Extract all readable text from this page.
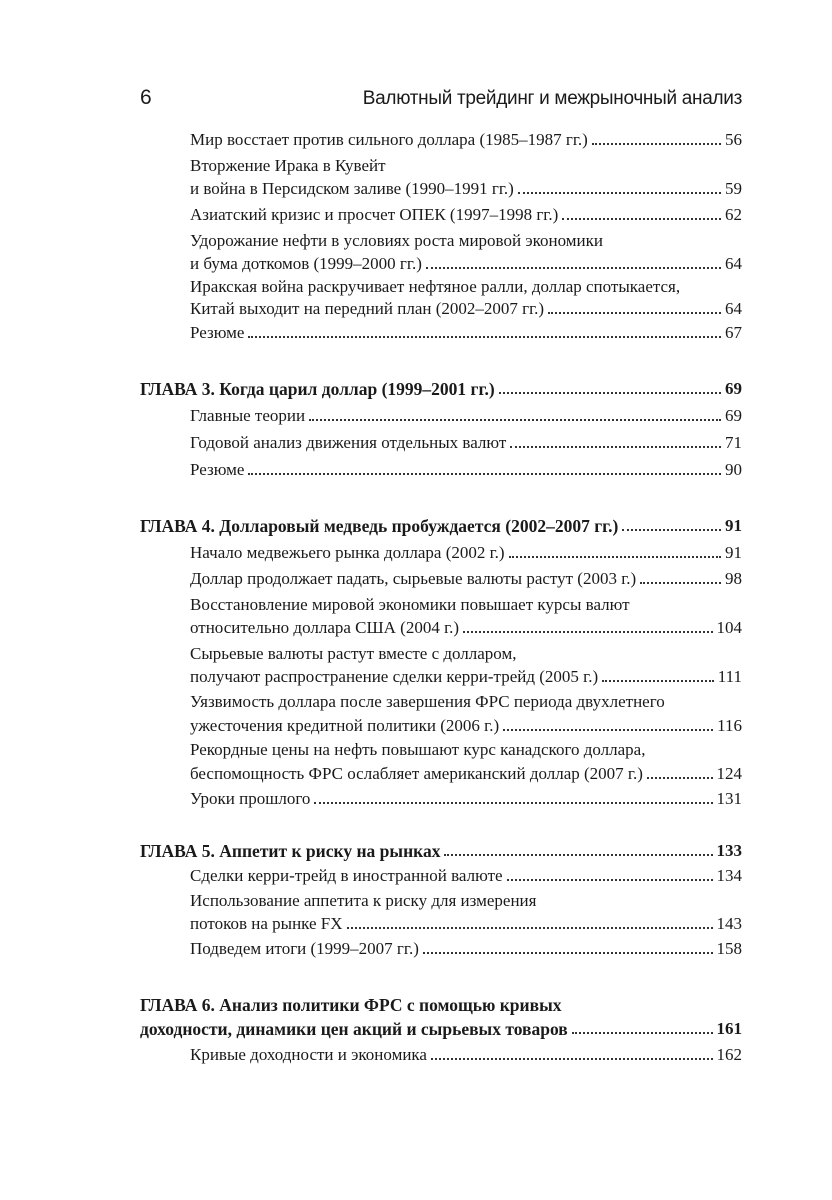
6	Валютный трейдинг и межрыночный анализ
Мир восстает против сильного доллара (1985–1987 гг.)	56
Вторжение Ирака в Кувейт
и война в Персидском заливе (1990–1991 гг.)	59
Азиатский кризис и просчет ОПЕК (1997–1998 гг.)	62
Удорожание нефти в условиях роста мировой экономики
и бума доткомов (1999–2000 гг.)	64
Иракская война раскручивает нефтяное ралли, доллар спотыкается,
Китай выходит на передний план (2002–2007 гг.)	64
Резюме	67
ГЛАВА 3. Когда царил доллар (1999–2001 гг.)	69
Главные теории	69
Годовой анализ движения отдельных валют	71
Резюме	90
ГЛАВА 4. Долларовый медведь пробуждается (2002–2007 гг.)	91
Начало медвежьего рынка доллара (2002 г.)	91
Доллар продолжает падать, сырьевые валюты растут (2003 г.)	98
Восстановление мировой экономики повышает курсы валют
относительно доллара США (2004 г.)	104
Сырьевые валюты растут вместе с долларом,
получают распространение сделки керри-трейд (2005 г.)	111
Уязвимость доллара после завершения ФРС периода двухлетнего
ужесточения кредитной политики (2006 г.)	116
Рекордные цены на нефть повышают курс канадского доллара,
беспомощность ФРС ослабляет американский доллар (2007 г.)	124
Уроки прошлого	131
ГЛАВА 5. Аппетит к риску на рынках	133
Сделки керри-трейд в иностранной валюте	134
Использование аппетита к риску для измерения
потоков на рынке FX	143
Подведем итоги (1999–2007 гг.)	158
ГЛАВА 6. Анализ политики ФРС с помощью кривых
доходности, динамики цен акций и сырьевых товаров	161
Кривые доходности и экономика	162
